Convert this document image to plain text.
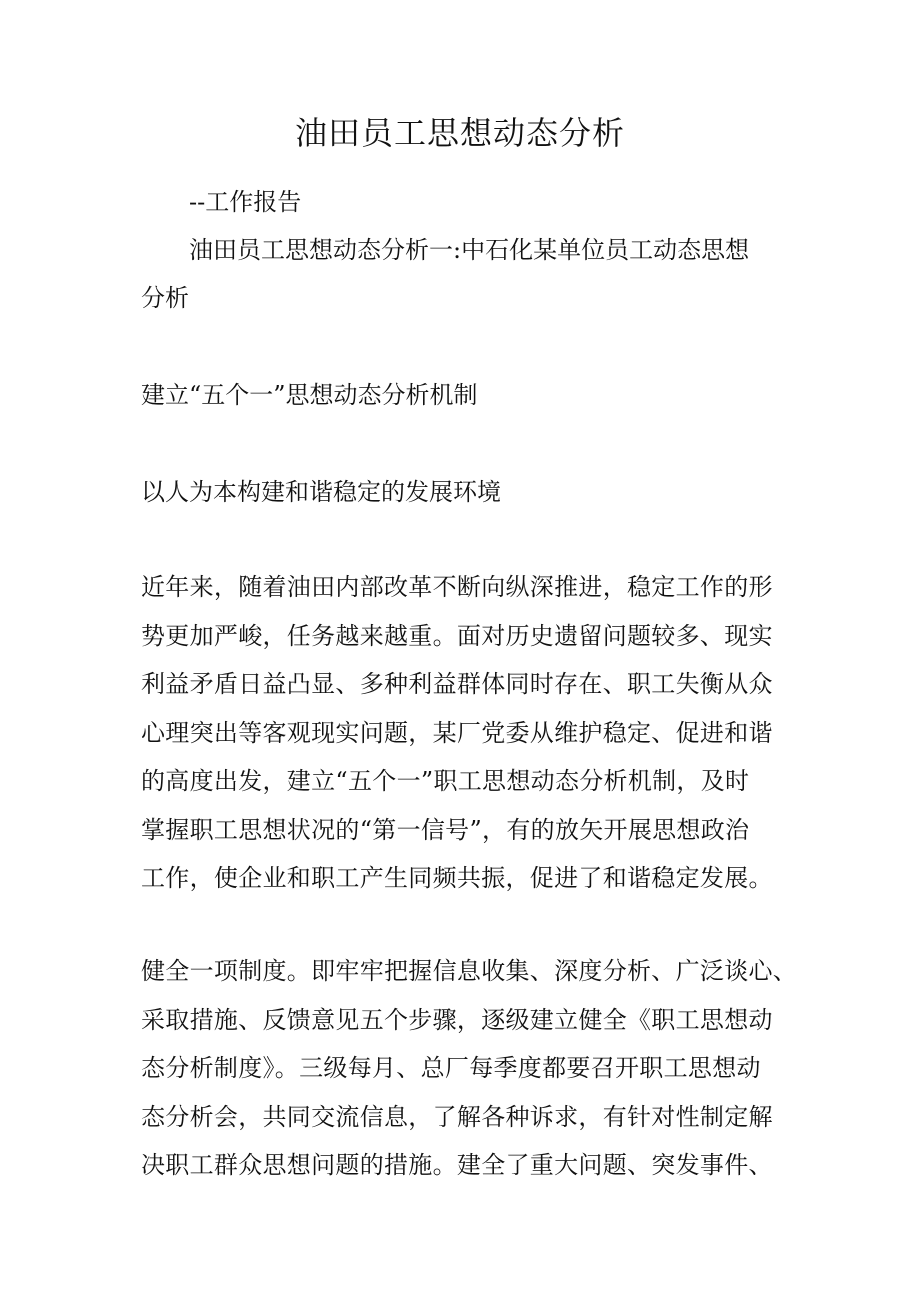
油田员工思想动态分析

--工作报告

油田员工思想动态分析一:中石化某单位员工动态思想

分析

建立“五个一”思想动态分析机制

以人为本构建和谐稳定的发展环境

近年来，随着油田内部改革不断向纵深推进，稳定工作的形
势更加严峻，任务越来越重。面对历史遗留问题较多、现实
利益矛盾日益凸显、多种利益群体同时存在、职工失衡从众
心理突出等客观现实问题，某厂党委从维护稳定、促进和谐
的高度出发，建立“五个一”职工思想动态分析机制，及时
掌握职工思想状况的“第一信号”，有的放矢开展思想政治
工作，使企业和职工产生同频共振，促进了和谐稳定发展。
健全一项制度。即牢牢把握信息收集、深度分析、广泛谈心、
采取措施、反馈意见五个步骤，逐级建立健全《职工思想动
态分析制度》。三级每月、总厂每季度都要召开职工思想动
态分析会，共同交流信息，了解各种诉求，有针对性制定解
决职工群众思想问题的措施。建全了重大问题、突发事件、
